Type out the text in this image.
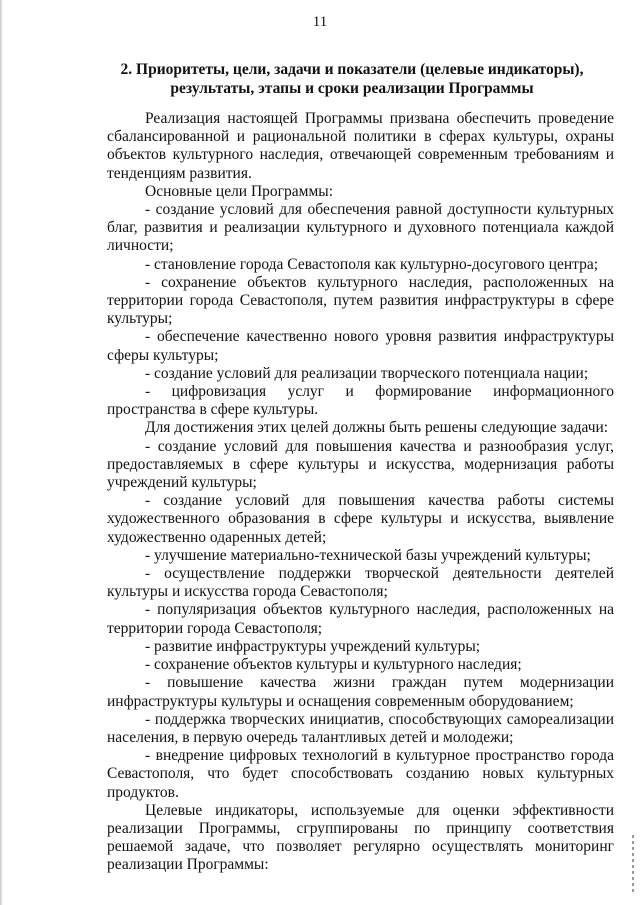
11
2. Приоритеты, цели, задачи и показатели (целевые индикаторы), результаты, этапы и сроки реализации Программы

Реализация настоящей Программы призвана обеспечить проведение сбалансированной и рациональной политики в сферах культуры, охраны объектов культурного наследия, отвечающей современным требованиям и тенденциям развития.

Основные цели Программы:

- создание условий для обеспечения равной доступности культурных благ, развития и реализации культурного и духовного потенциала каждой личности;

- становление города Севастополя как культурно-досугового центра;

- сохранение объектов культурного наследия, расположенных на территории города Севастополя, путем развития инфраструктуры в сфере культуры;

- обеспечение качественно нового уровня развития инфраструктуры сферы культуры;

- создание условий для реализации творческого потенциала нации;

- цифровизация услуг и формирование информационного пространства в сфере культуры.

Для достижения этих целей должны быть решены следующие задачи:

- создание условий для повышения качества и разнообразия услуг, предоставляемых в сфере культуры и искусства, модернизация работы учреждений культуры;

- создание условий для повышения качества работы системы художественного образования в сфере культуры и искусства, выявление художественно одаренных детей;

- улучшение материально-технической базы учреждений культуры;

- осуществление поддержки творческой деятельности деятелей культуры и искусства города Севастополя;

- популяризация объектов культурного наследия, расположенных на территории города Севастополя;

- развитие инфраструктуры учреждений культуры;

- сохранение объектов культуры и культурного наследия;

- повышение качества жизни граждан путем модернизации инфраструктуры культуры и оснащения современным оборудованием;

- поддержка творческих инициатив, способствующих самореализации населения, в первую очередь талантливых детей и молодежи;

- внедрение цифровых технологий в культурное пространство города Севастополя, что будет способствовать созданию новых культурных продуктов.

Целевые индикаторы, используемые для оценки эффективности реализации Программы, сгруппированы по принципу соответствия решаемой задаче, что позволяет регулярно осуществлять мониторинг реализации Программы:
